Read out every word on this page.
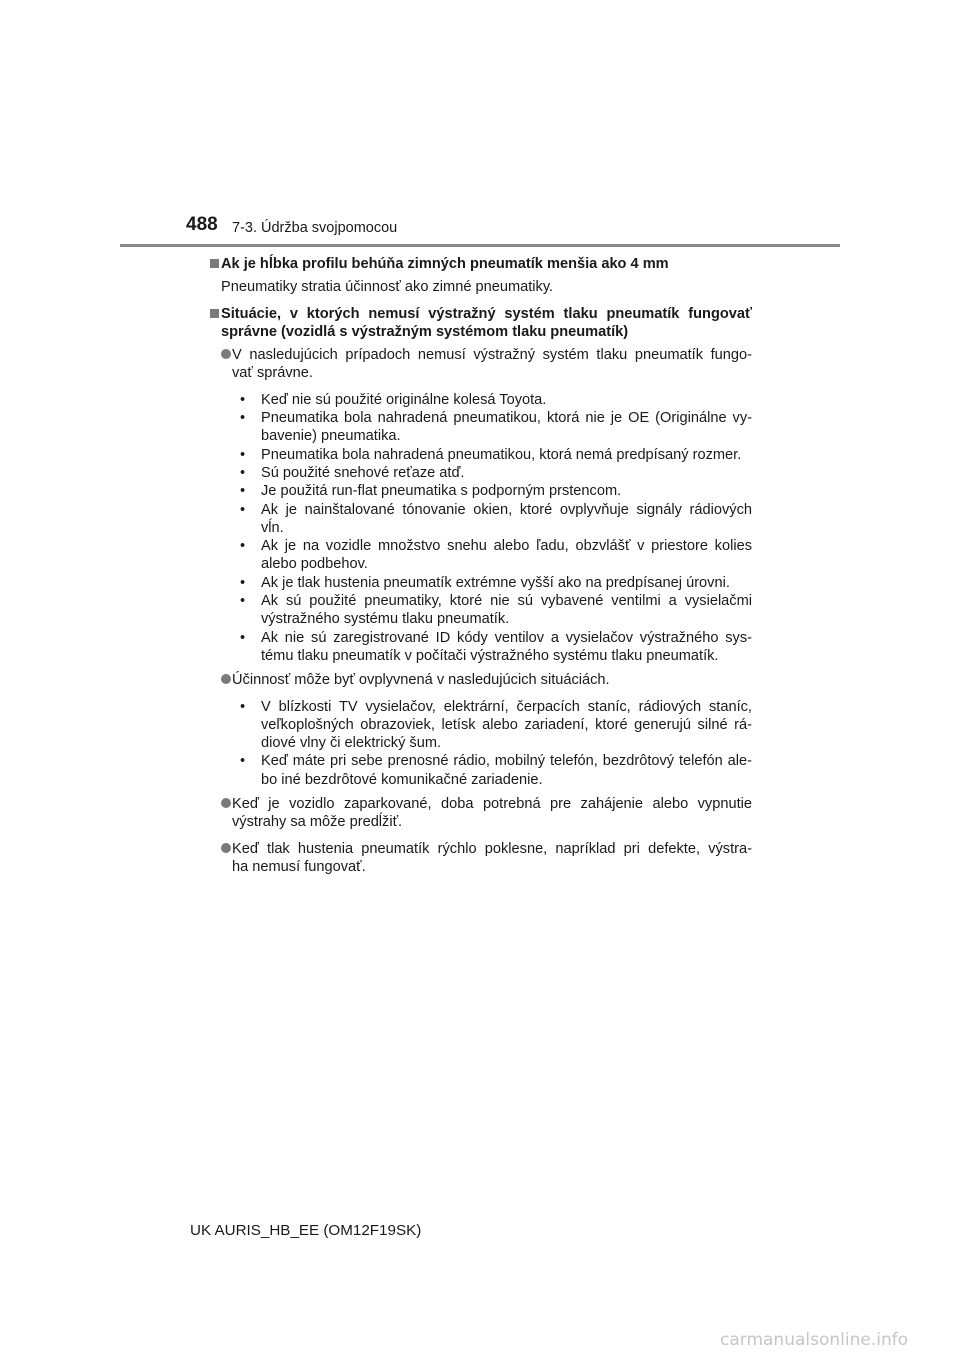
488 7-3. Údržba svojpomocou
Ak je hĺbka profilu behúňa zimných pneumatík menšia ako 4 mm
Pneumatiky stratia účinnosť ako zimné pneumatiky.
Situácie, v ktorých nemusí výstražný systém tlaku pneumatík fungovať
správne (vozidlá s výstražným systémom tlaku pneumatík)
V nasledujúcich prípadoch nemusí výstražný systém tlaku pneumatík fungo-
vať správne.
• Keď nie sú použité originálne kolesá Toyota.
• Pneumatika bola nahradená pneumatikou, ktorá nie je OE (Originálne vy-
bavenie) pneumatika.
• Pneumatika bola nahradená pneumatikou, ktorá nemá predpísaný rozmer.
• Sú použité snehové reťaze atď.
• Je použitá run-flat pneumatika s podporným prstencom.
• Ak je nainštalované tónovanie okien, ktoré ovplyvňuje signály rádiových
vĺn.
• Ak je na vozidle množstvo snehu alebo ľadu, obzvlášť v priestore kolies
alebo podbehov.
• Ak je tlak hustenia pneumatík extrémne vyšší ako na predpísanej úrovni.
• Ak sú použité pneumatiky, ktoré nie sú vybavené ventilmi a vysielačmi
výstražného systému tlaku pneumatík.
• Ak nie sú zaregistrované ID kódy ventilov a vysielačov výstražného sys-
tému tlaku pneumatík v počítači výstražného systému tlaku pneumatík.
Účinnosť môže byť ovplyvnená v nasledujúcich situáciách.
• V blízkosti TV vysielačov, elektrární, čerpacích staníc, rádiových staníc,
veľkoplošných obrazoviek, letísk alebo zariadení, ktoré generujú silné rá-
diové vlny či elektrický šum.
• Keď máte pri sebe prenosné rádio, mobilný telefón, bezdrôtový telefón ale-
bo iné bezdrôtové komunikačné zariadenie.
Keď je vozidlo zaparkované, doba potrebná pre zahájenie alebo vypnutie
výstrahy sa môže predĺžiť.
Keď tlak hustenia pneumatík rýchlo poklesne, napríklad pri defekte, výstra-
ha nemusí fungovať.
UK AURIS_HB_EE (OM12F19SK)
carmanualsonline.info
